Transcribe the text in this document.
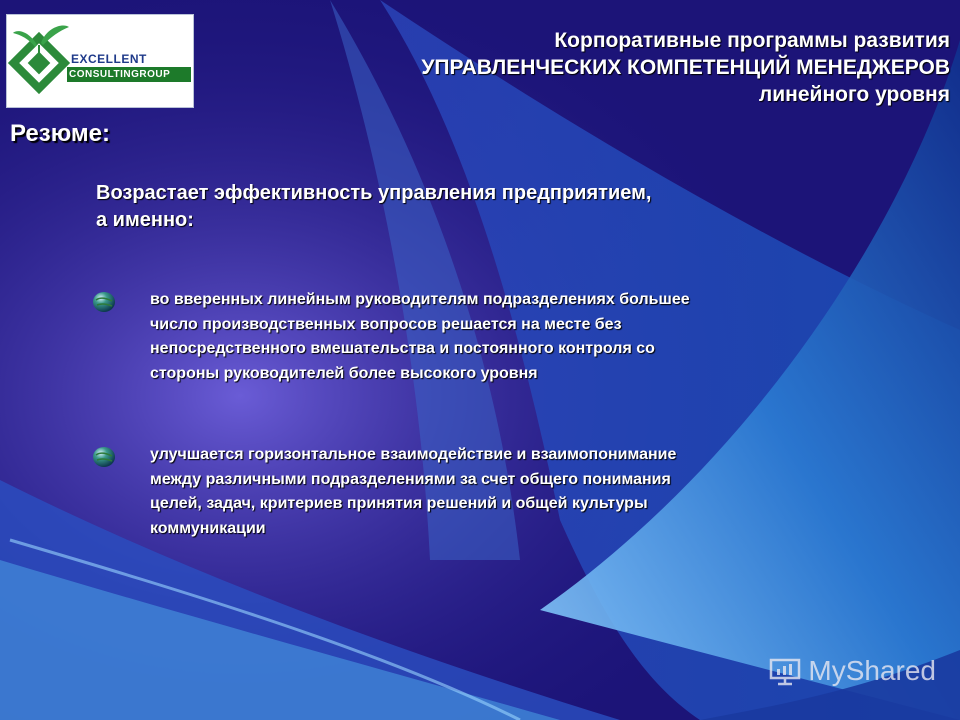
EXCELLENT
CONSULTINGROUP
Корпоративные программы развития
УПРАВЛЕНЧЕСКИХ КОМПЕТЕНЦИЙ МЕНЕДЖЕРОВ
линейного уровня
Резюме:
Возрастает эффективность управления предприятием,
а именно:
во вверенных линейным руководителям подразделениях большее
число производственных вопросов решается на месте без
непосредственного вмешательства и постоянного контроля со
стороны руководителей более высокого уровня
улучшается горизонтальное взаимодействие и взаимопонимание
между различными подразделениями за счет общего понимания
целей, задач, критериев принятия решений и общей культуры
коммуникации
MyShared
